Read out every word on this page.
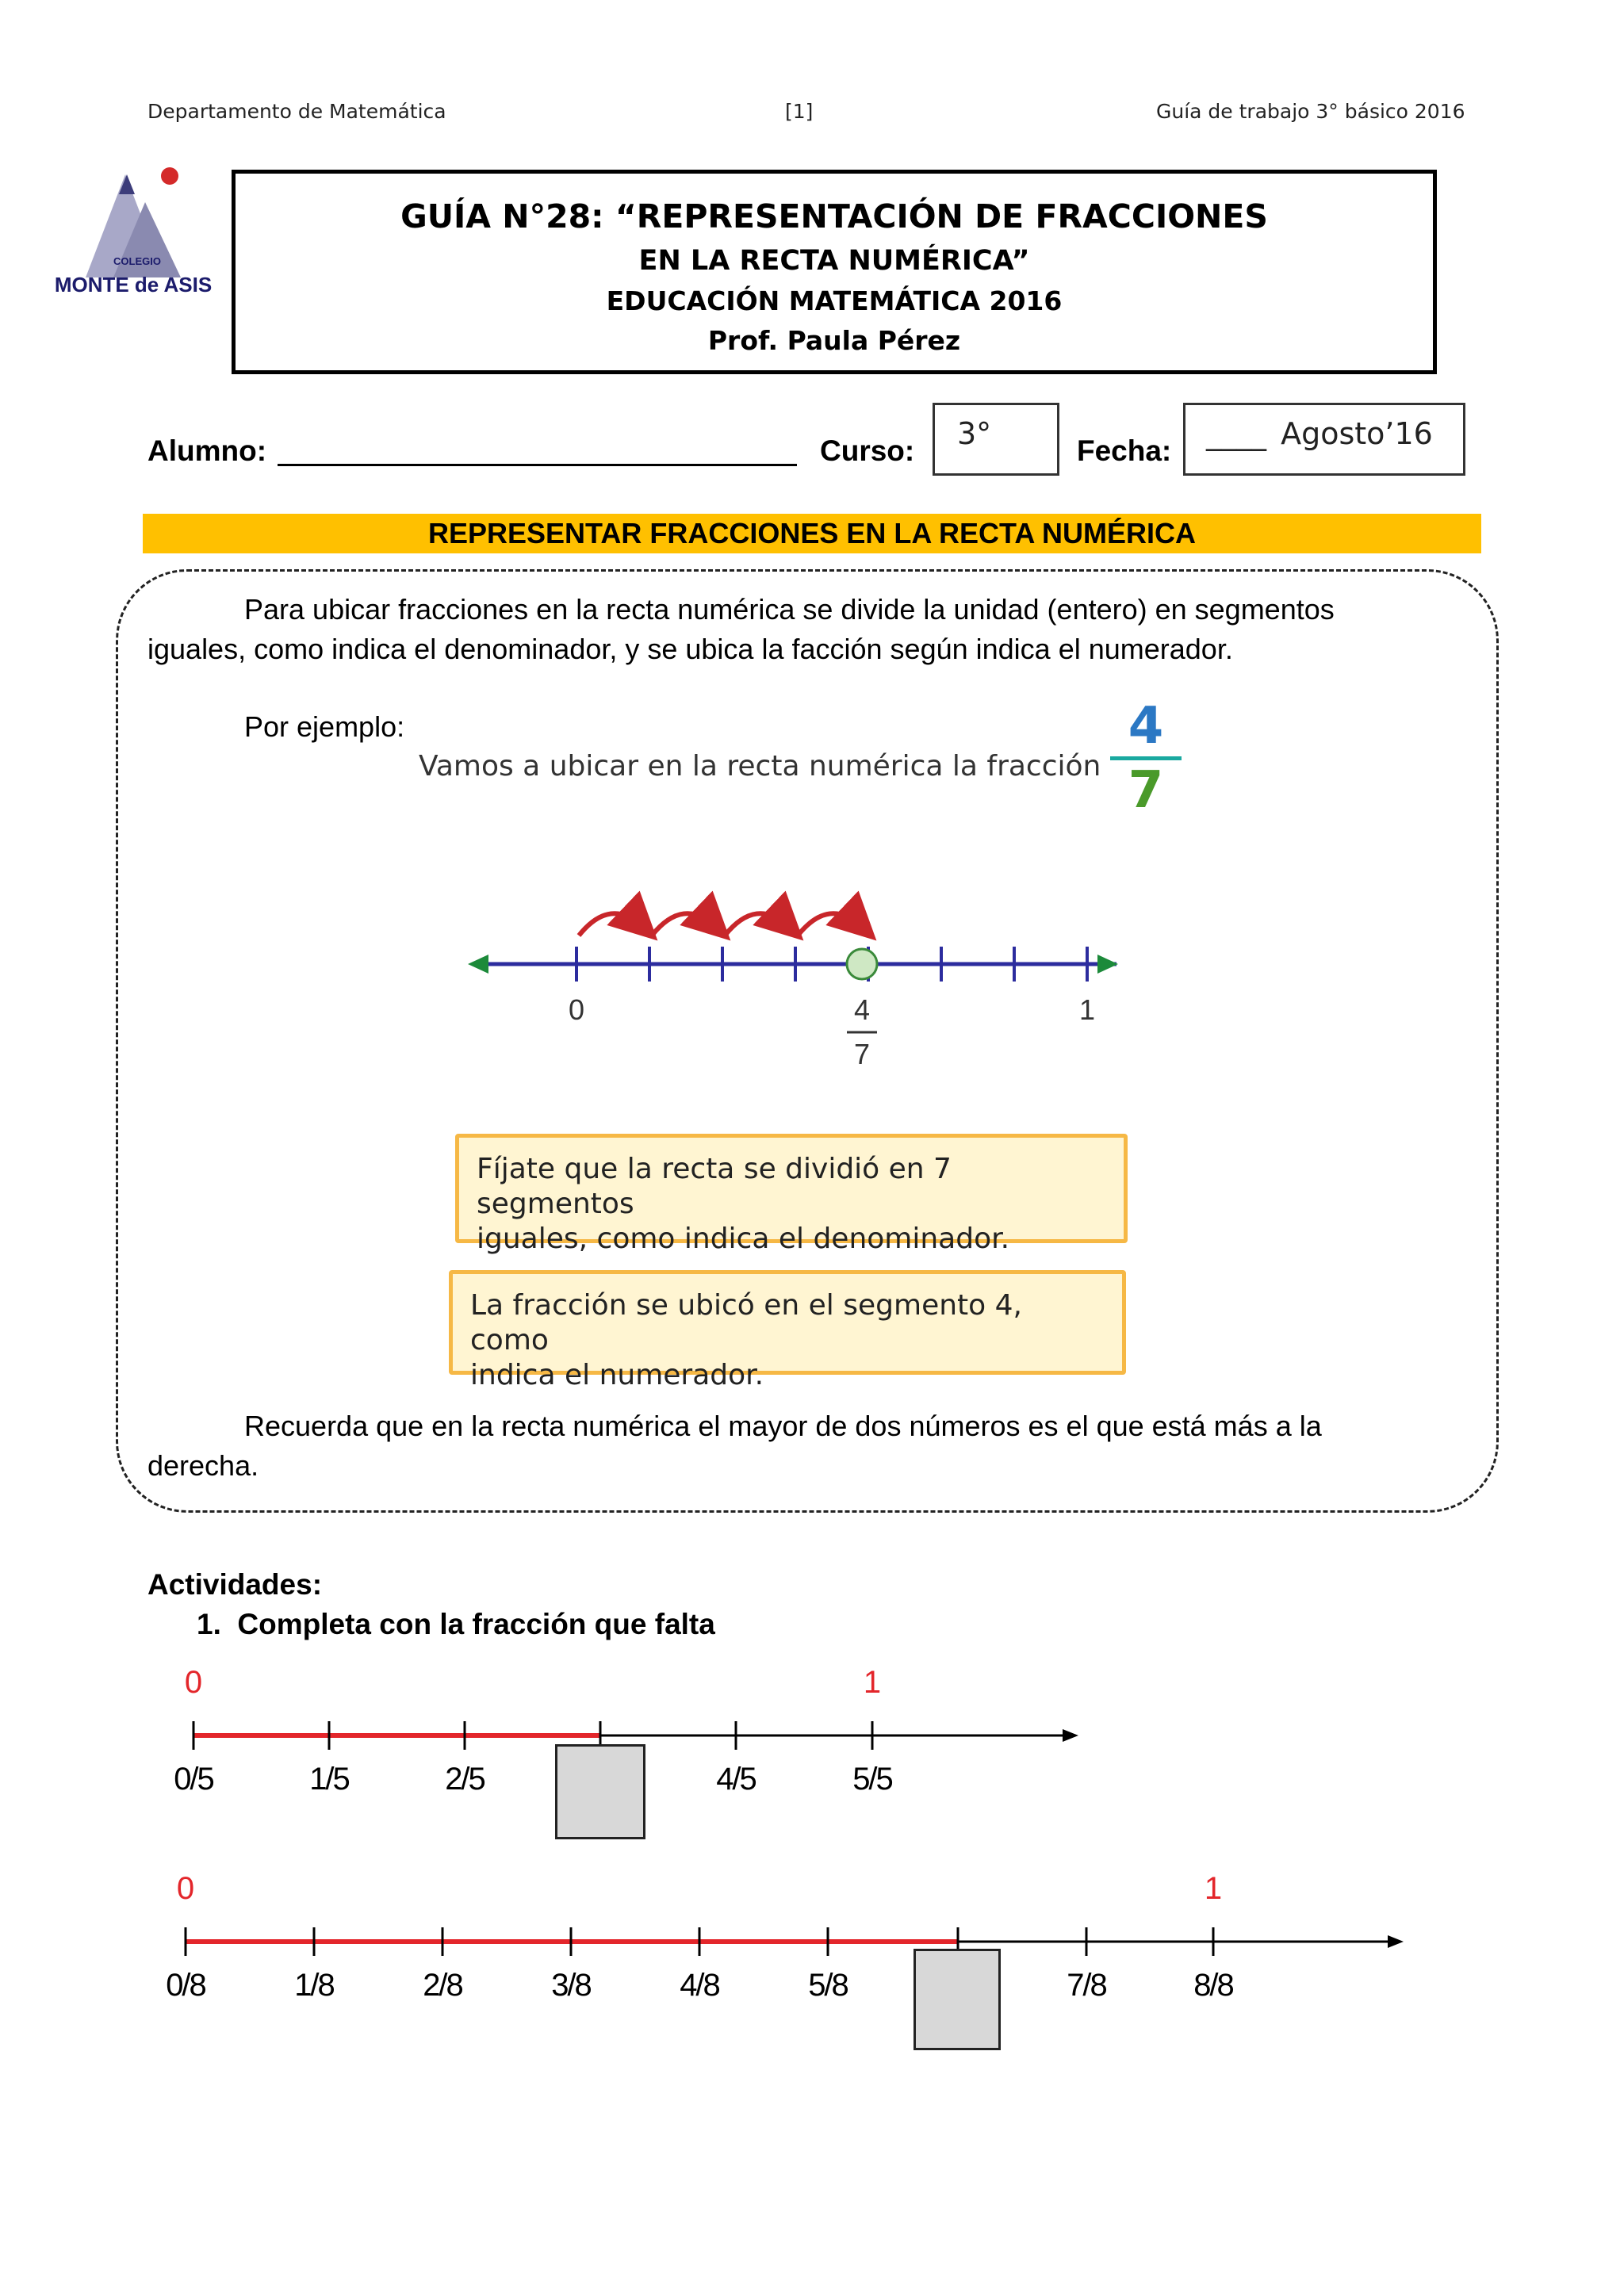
Departamento de Matemática	[1]	Guía de trabajo 3° básico 2016
COLEGIO
MONTE de ASIS
GUÍA N°28: “REPRESENTACIÓN DE FRACCIONES
EN LA RECTA NUMÉRICA”
EDUCACIÓN MATEMÁTICA 2016
Prof. Paula Pérez
Alumno:	Curso:	3°	Fecha:	____ Agosto’16
REPRESENTAR FRACCIONES EN LA RECTA NUMÉRICA
Para ubicar fracciones en la recta numérica se divide la unidad (entero) en segmentos
iguales, como indica el denominador, y se ubica la facción según indica el numerador.
Por ejemplo:
Vamos a ubicar en la recta numérica la fracción
4
7
0	1
4
7
Fíjate que la recta se dividió en 7 segmentos
iguales, como indica el denominador.
La fracción se ubicó en el segmento 4, como
indica el numerador.
Recuerda que en la recta numérica el mayor de dos números es el que está más a la
derecha.
Actividades:
1.  Completa con la fracción que falta
0	1
0/5	1/5	2/5	4/5	5/5
0	1
0/8	1/8	2/8	3/8	4/8	5/8	7/8	8/8
